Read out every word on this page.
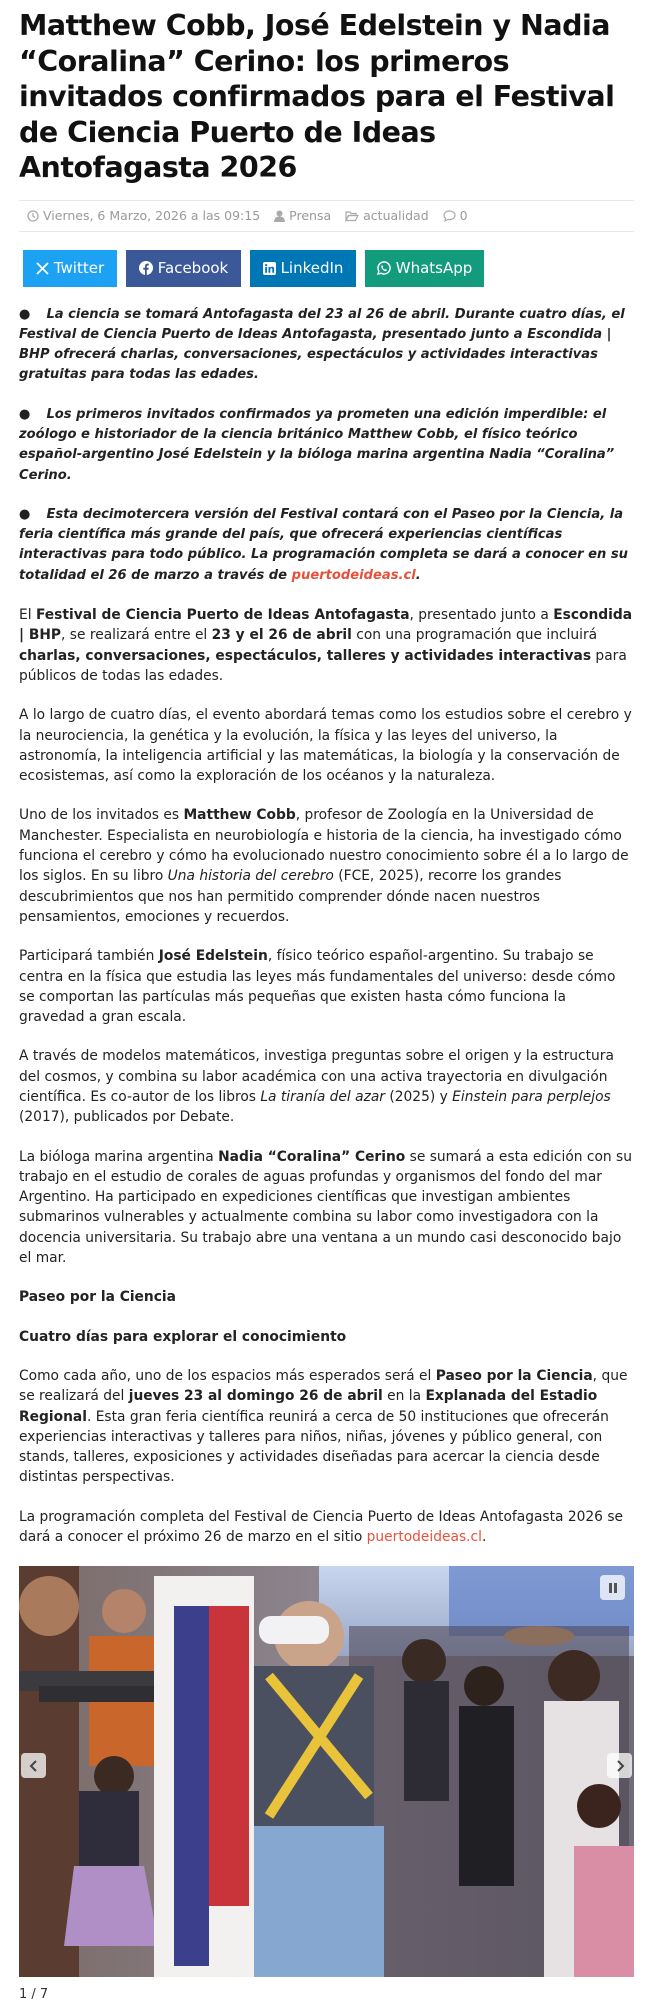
Matthew Cobb, José Edelstein y Nadia “Coralina” Cerino: los primeros invitados confirmados para el Festival de Ciencia Puerto de Ideas Antofagasta 2026
Viernes, 6 Marzo, 2026 a las 09:15 Prensa	actualidad 0
Twitter	Facebook	LinkedIn	WhatsApp
● La ciencia se tomará Antofagasta del 23 al 26 de abril. Durante cuatro días, el Festival de Ciencia Puerto de Ideas Antofagasta, presentado junto a Escondida | BHP ofrecerá charlas, conversaciones, espectáculos y actividades interactivas gratuitas para todas las edades.
● Los primeros invitados confirmados ya prometen una edición imperdible: el zoólogo e historiador de la ciencia británico Matthew Cobb, el físico teórico español-argentino José Edelstein y la bióloga marina argentina Nadia “Coralina” Cerino.
● Esta decimotercera versión del Festival contará con el Paseo por la Ciencia, la feria científica más grande del país, que ofrecerá experiencias científicas interactivas para todo público. La programación completa se dará a conocer en su totalidad el 26 de marzo a través de puertodeideas.cl.

El Festival de Ciencia Puerto de Ideas Antofagasta, presentado junto a Escondida | BHP, se realizará entre el 23 y el 26 de abril con una programación que incluirá charlas, conversaciones, espectáculos, talleres y actividades interactivas para públicos de todas las edades.

A lo largo de cuatro días, el evento abordará temas como los estudios sobre el cerebro y la neurociencia, la genética y la evolución, la física y las leyes del universo, la astronomía, la inteligencia artificial y las matemáticas, la biología y la conservación de ecosistemas, así como la exploración de los océanos y la naturaleza.

Uno de los invitados es Matthew Cobb, profesor de Zoología en la Universidad de Manchester. Especialista en neurobiología e historia de la ciencia, ha investigado cómo funciona el cerebro y cómo ha evolucionado nuestro conocimiento sobre él a lo largo de los siglos. En su libro Una historia del cerebro (FCE, 2025), recorre los grandes descubrimientos que nos han permitido comprender dónde nacen nuestros pensamientos, emociones y recuerdos.

Participará también José Edelstein, físico teórico español-argentino. Su trabajo se centra en la física que estudia las leyes más fundamentales del universo: desde cómo se comportan las partículas más pequeñas que existen hasta cómo funciona la gravedad a gran escala.

A través de modelos matemáticos, investiga preguntas sobre el origen y la estructura del cosmos, y combina su labor académica con una activa trayectoria en divulgación científica. Es co-autor de los libros La tiranía del azar (2025) y Einstein para perplejos (2017), publicados por Debate.

La bióloga marina argentina Nadia “Coralina” Cerino se sumará a esta edición con su trabajo en el estudio de corales de aguas profundas y organismos del fondo del mar Argentino. Ha participado en expediciones científicas que investigan ambientes submarinos vulnerables y actualmente combina su labor como investigadora con la docencia universitaria. Su trabajo abre una ventana a un mundo casi desconocido bajo el mar.

Paseo por la Ciencia

Cuatro días para explorar el conocimiento

Como cada año, uno de los espacios más esperados será el Paseo por la Ciencia, que se realizará del jueves 23 al domingo 26 de abril en la Explanada del Estadio Regional. Esta gran feria científica reunirá a cerca de 50 instituciones que ofrecerán experiencias interactivas y talleres para niños, niñas, jóvenes y público general, con stands, talleres, exposiciones y actividades diseñadas para acercar la ciencia desde distintas perspectivas.

La programación completa del Festival de Ciencia Puerto de Ideas Antofagasta 2026 se dará a conocer el próximo 26 de marzo en el sitio puertodeideas.cl.

1 / 7
